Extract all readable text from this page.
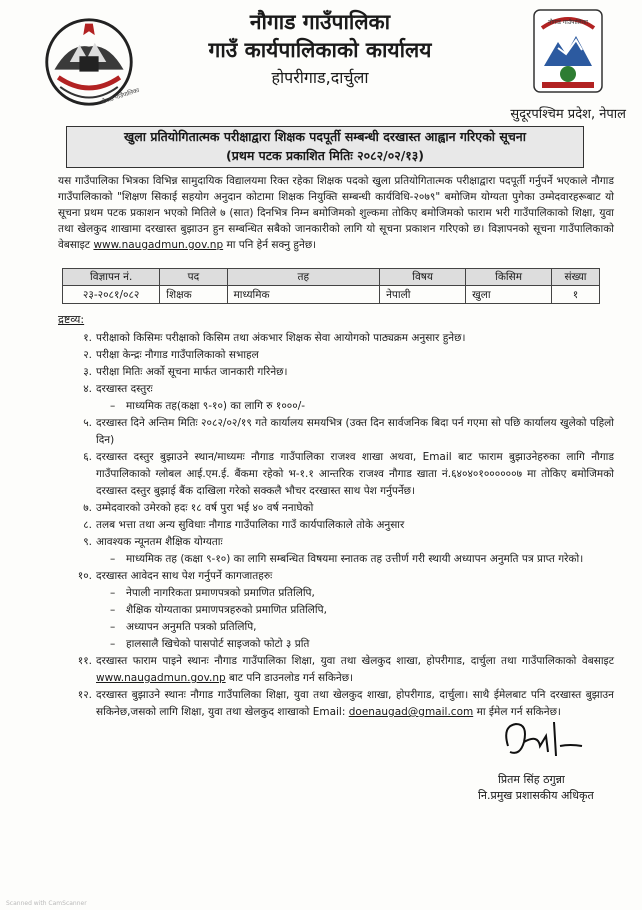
नौगाड गाउँपालिका
नौगाड गाउँपालिका
गाउँ कार्यपालिकाको कार्यालय
होपरीगाड,दार्चुला
नौगाड गाउँपालिका
सुदूरपश्चिम प्रदेश, नेपाल
खुला प्रतियोगितात्मक परीक्षाद्वारा शिक्षक पदपूर्ती सम्बन्धी दरखास्त आह्वान गरिएको सूचना
(प्रथम पटक प्रकाशित मितिः २०८२/०२/१३)
यस गाउँपालिका भित्रका विभिन्न सामुदायिक विद्यालयमा रिक्त रहेका शिक्षक पदको खुला प्रतियोगितात्मक परीक्षाद्वारा पदपूर्ती गर्नुपर्ने भएकाले नौगाड गाउँपालिकाको "शिक्षण सिकाई सहयोग अनुदान कोटामा शिक्षक नियुक्ति सम्बन्धी कार्यविधि-२०७९" बमोजिम योग्यता पुगेका उम्मेदवारहरूबाट यो सूचना प्रथम पटक प्रकाशन भएको मितिले ७ (सात) दिनभित्र निम्न बमोजिमको शुल्कमा तोकिए बमोजिमको फाराम भरी गाउँपालिकाको शिक्षा, युवा तथा खेलकुद शाखामा दरखास्त बुझाउन हुन सम्बन्धित सबैको जानकारीको लागि यो सूचना प्रकाशन गरिएको छ। विज्ञापनको सूचना गाउँपालिकाको वेबसाइट www.naugadmun.gov.np मा पनि हेर्न सक्नु हुनेछ।
विज्ञापन नं.	पद	तह	विषय	किसिम	संख्या
२३-२०८१/०८२	शिक्षक	माध्यमिक	नेपाली	खुला	१
द्रष्टव्य:
१. परीक्षाको किसिमः परीक्षाको किसिम तथा अंकभार शिक्षक सेवा आयोगको पाठ्यक्रम अनुसार हुनेछ।
२. परीक्षा केन्द्रः नौगाड गाउँपालिकाको सभाहल
३. परीक्षा मितिः अर्को सूचना मार्फत जानकारी गरिनेछ।
४. दरखास्त दस्तुरः
–	माध्यमिक तह(कक्षा ९-१०) का लागि रु १०००/-
५. दरखास्त दिने अन्तिम मितिः २०८२/०२/१९ गते कार्यालय समयभित्र (उक्त दिन सार्वजनिक बिदा पर्न गएमा सो पछि कार्यालय खुलेको पहिलो दिन)
६. दरखास्त दस्तुर बुझाउने स्थान/माध्यमः नौगाड गाउँपालिका राजश्व शाखा अथवा, Email बाट फाराम बुझाउनेहरुका लागि नौगाड गाउँपालिकाको ग्लोबल आई.एम.ई. बैंकमा रहेको भ-१.१ आन्तरिक राजश्व नौगाड खाता नं.६४०४०१००००००७ मा तोकिए बमोजिमको दरखास्त दस्तुर बुझाई बैंक दाखिला गरेको सक्कलै भौचर दरखास्त साथ पेश गर्नुपर्नेछ।
७. उम्मेदवारको उमेरको हदः १८ वर्ष पुरा भई ४० वर्ष ननाघेको
८. तलब भत्ता तथा अन्य सुविधाः नौगाड गाउँपालिका गाउँ कार्यपालिकाले तोके अनुसार
९. आवश्यक न्यूनतम शैक्षिक योग्यताः
–	माध्यमिक तह (कक्षा ९-१०) का लागि सम्बन्धित विषयमा स्नातक तह उत्तीर्ण गरी स्थायी अध्यापन अनुमति पत्र प्राप्त गरेको।
१०. दरखास्त आवेदन साथ पेश गर्नुपर्ने कागजातहरुः
–	नेपाली नागरिकता प्रमाणपत्रको प्रमाणित प्रतिलिपि,
–	शैक्षिक योग्यताका प्रमाणपत्रहरुको प्रमाणित प्रतिलिपि,
–	अध्यापन अनुमति पत्रको प्रतिलिपि,
–	हालसालै खिचेको पासपोर्ट साइजको फोटो ३ प्रति
११. दरखास्त फाराम पाइने स्थानः नौगाड गाउँपालिका शिक्षा, युवा तथा खेलकुद शाखा, होपरीगाड, दार्चुला तथा गाउँपालिकाको वेबसाइट www.naugadmun.gov.np बाट पनि डाउनलोड गर्न सकिनेछ।
१२. दरखास्त बुझाउने स्थानः नौगाड गाउँपालिका शिक्षा, युवा तथा खेलकुद शाखा, होपरीगाड, दार्चुला। साथै ईमेलबाट पनि दरखास्त बुझाउन सकिनेछ,जसको लागि शिक्षा, युवा तथा खेलकुद शाखाको Email: doenaugad@gmail.com मा ईमेल गर्न सकिनेछ।
प्रितम सिंह ठगुन्ना
नि.प्रमुख प्रशासकीय अधिकृत
Scanned with CamScanner
